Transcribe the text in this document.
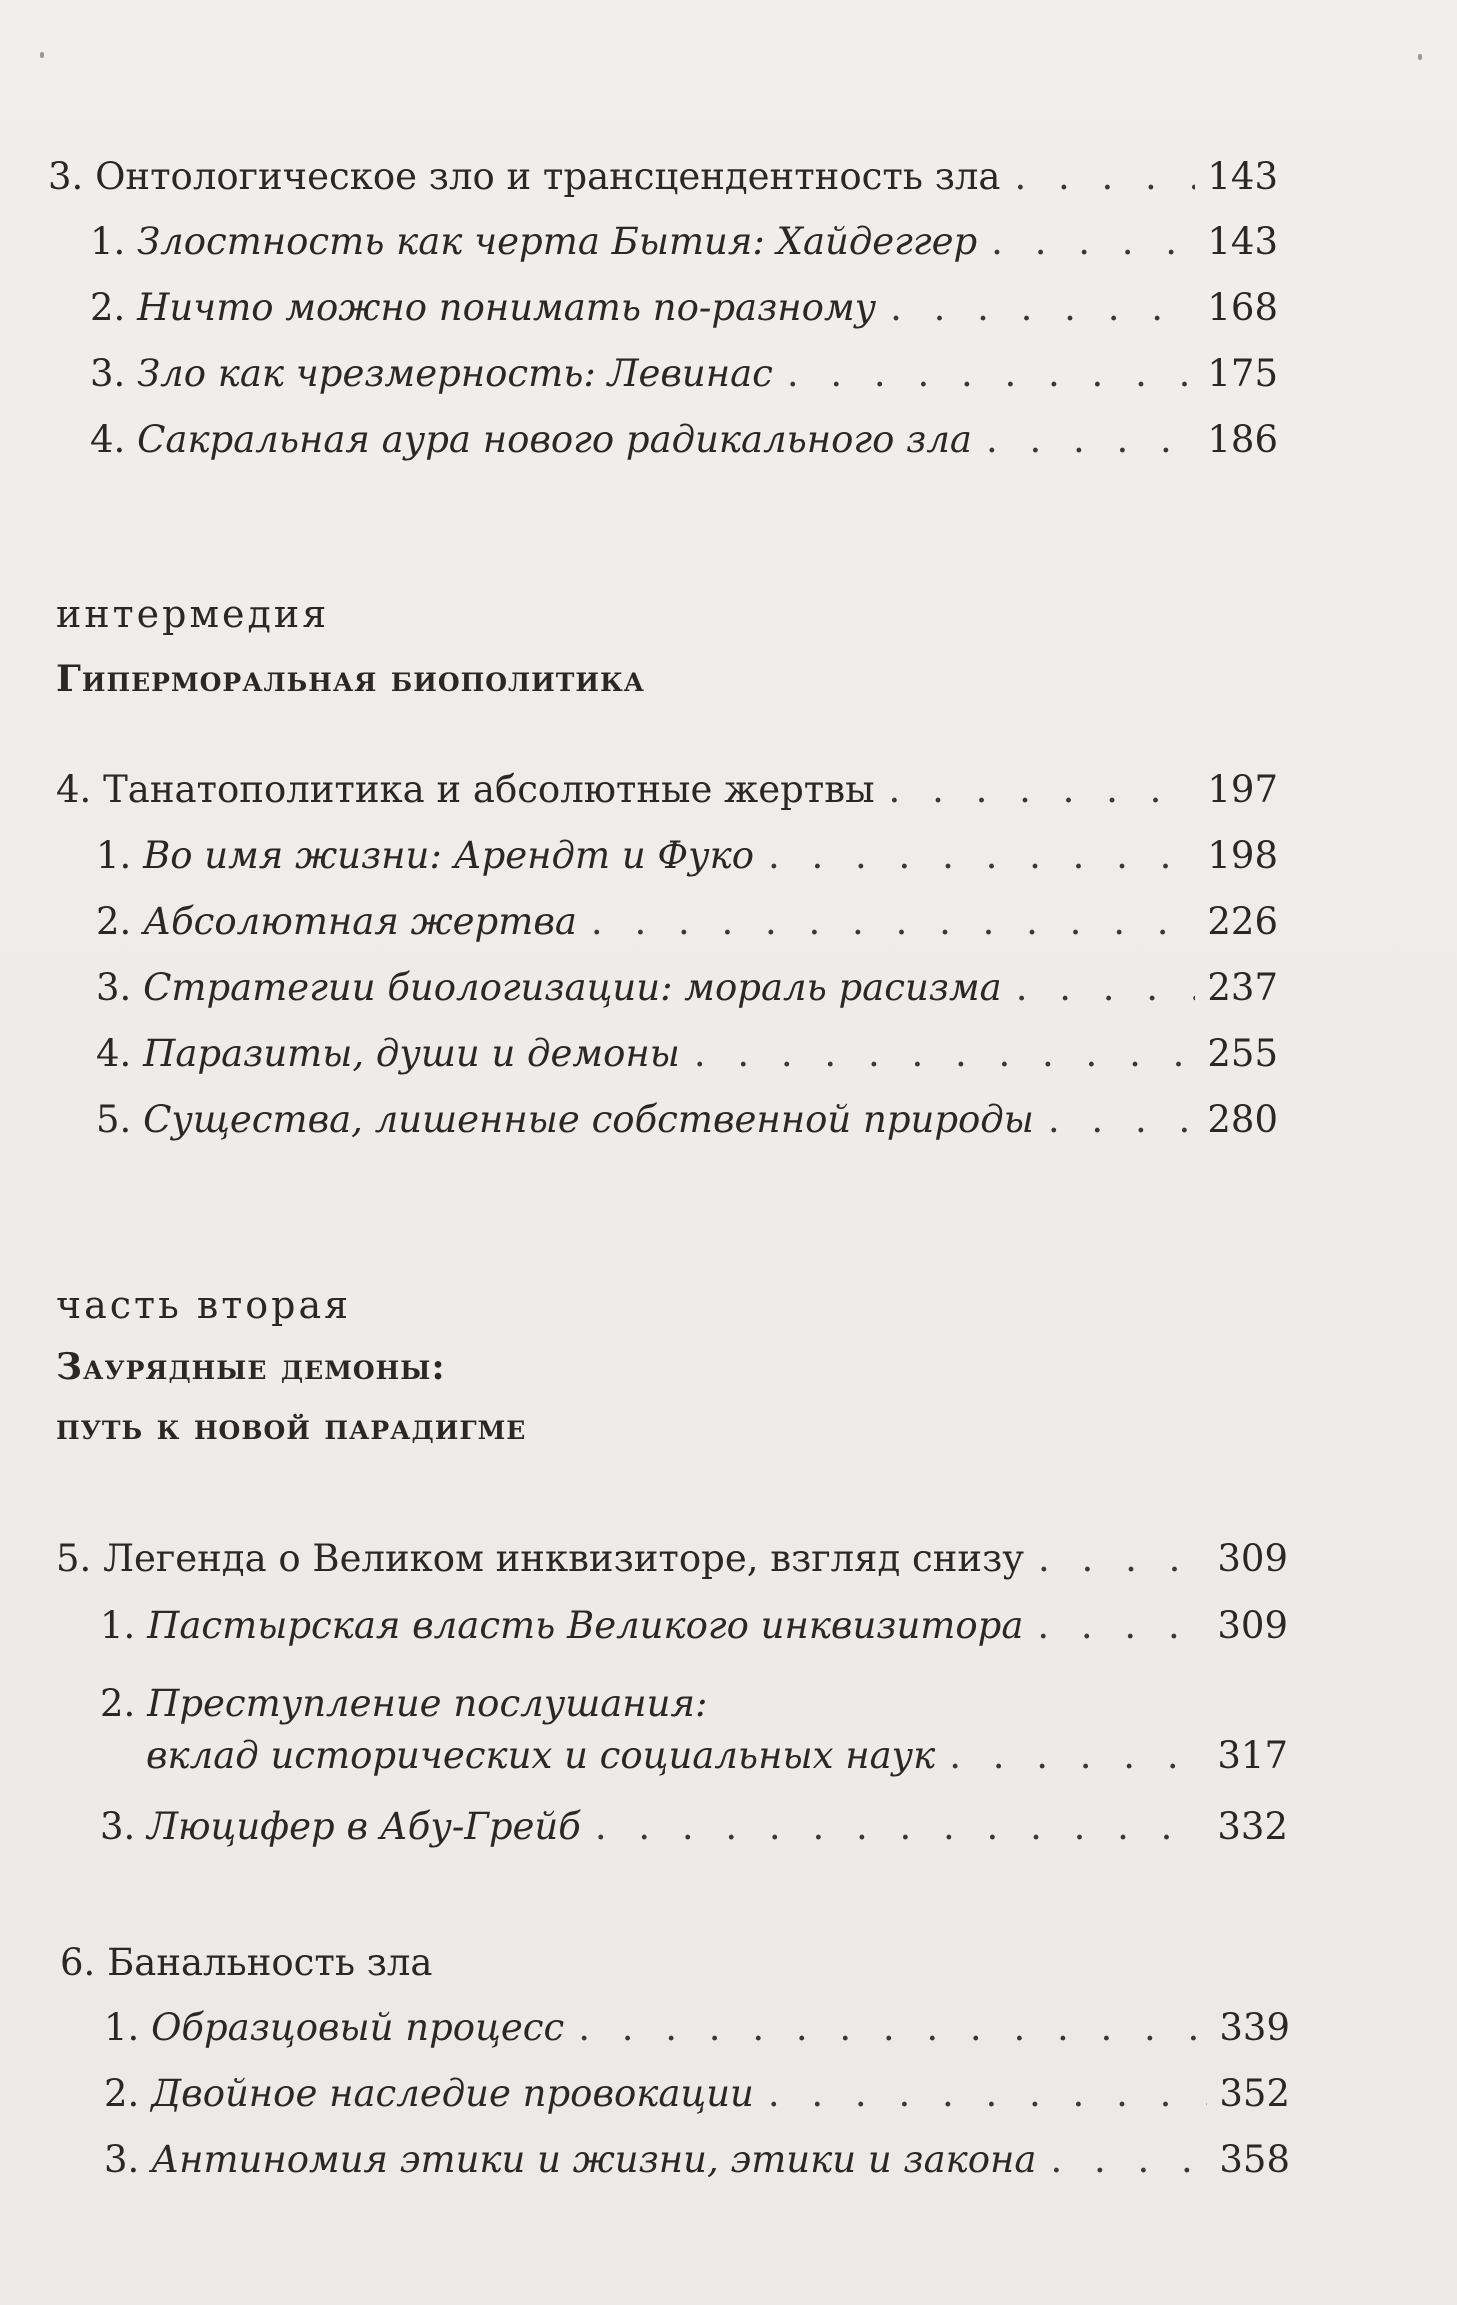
3. Онтологическое зло и трансцендентность зла . . .	143
1. Злостность как черта Бытия: Хайдеггер . . .	143
2. Ничто можно понимать по-разному . . .	168
3. Зло как чрезмерность: Левинас . . .	175
4. Сакральная аура нового радикального зла . . .	186
интермедия
Гиперморальная биополитика
4. Танатополитика и абсолютные жертвы . . .	197
1. Во имя жизни: Арендт и Фуко . . .	198
2. Абсолютная жертва . . .	226
3. Стратегии биологизации: мораль расизма . . .	237
4. Паразиты, души и демоны . . .	255
5. Существа, лишенные собственной природы . . .	280
часть вторая
Заурядные демоны:
путь к новой парадигме
5. Легенда о Великом инквизиторе, взгляд снизу . . .	309
1. Пастырская власть Великого инквизитора . . .	309
2. Преступление послушания:
вклад исторических и социальных наук . . .	317
3. Люцифер в Абу-Грейб . . .	332
6. Банальность зла
1. Образцовый процесс . . .	339
2. Двойное наследие провокации . . .	352
3. Антиномия этики и жизни, этики и закона . . .	358
